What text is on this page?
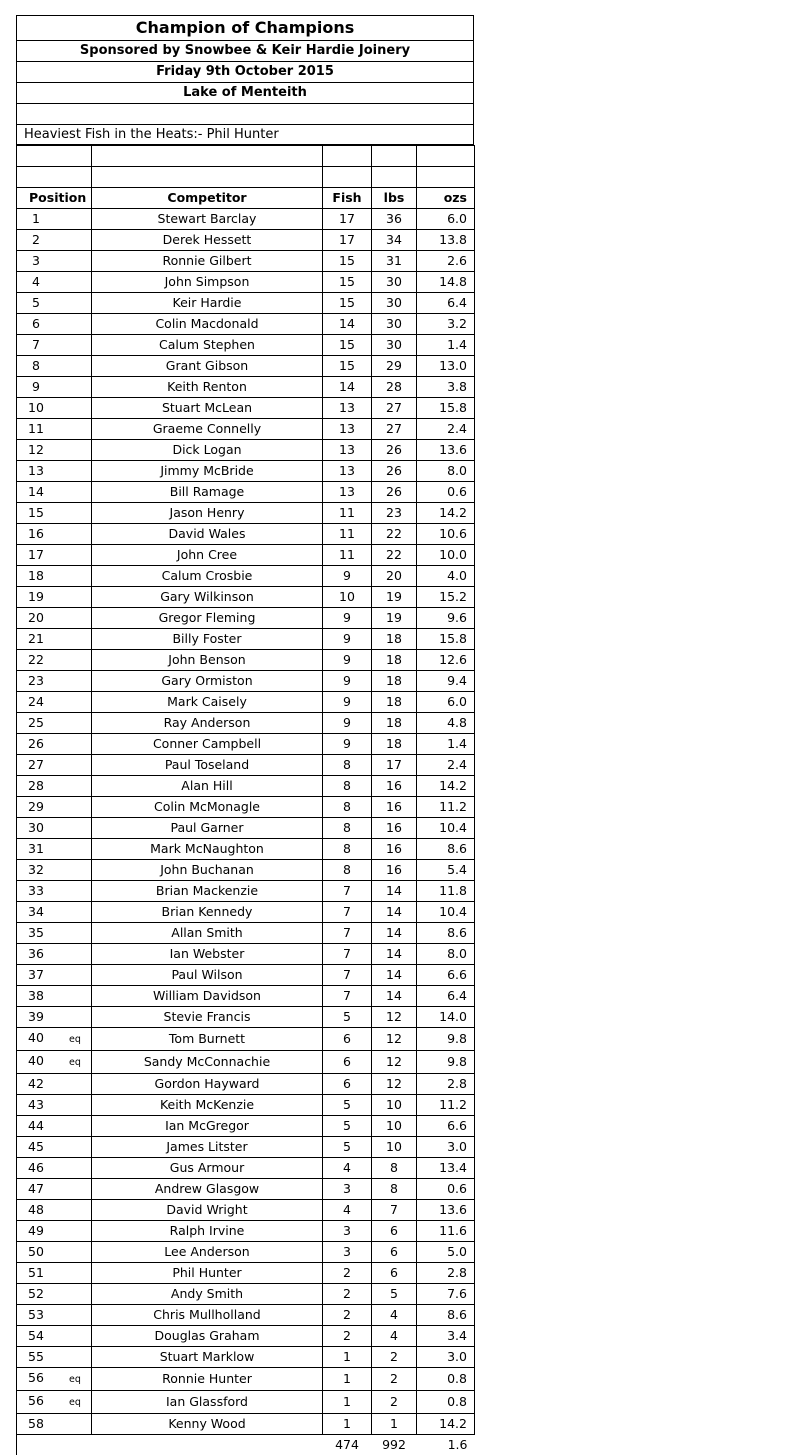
Champion of Champions
Sponsored by Snowbee & Keir Hardie Joinery
Friday 9th October 2015
Lake of Menteith
Heaviest Fish in the Heats:- Phil Hunter

Position	Competitor	Fish	lbs	ozs
1	Stewart Barclay	17	36	6.0
2	Derek Hessett	17	34	13.8
3	Ronnie Gilbert	15	31	2.6
4	John Simpson	15	30	14.8
5	Keir Hardie	15	30	6.4
6	Colin Macdonald	14	30	3.2
7	Calum Stephen	15	30	1.4
8	Grant Gibson	15	29	13.0
9	Keith Renton	14	28	3.8
10	Stuart McLean	13	27	15.8
11	Graeme Connelly	13	27	2.4
12	Dick Logan	13	26	13.6
13	Jimmy McBride	13	26	8.0
14	Bill Ramage	13	26	0.6
15	Jason Henry	11	23	14.2
16	David Wales	11	22	10.6
17	John Cree	11	22	10.0
18	Calum Crosbie	9	20	4.0
19	Gary Wilkinson	10	19	15.2
20	Gregor Fleming	9	19	9.6
21	Billy Foster	9	18	15.8
22	John Benson	9	18	12.6
23	Gary Ormiston	9	18	9.4
24	Mark Caisely	9	18	6.0
25	Ray Anderson	9	18	4.8
26	Conner Campbell	9	18	1.4
27	Paul Toseland	8	17	2.4
28	Alan Hill	8	16	14.2
29	Colin McMonagle	8	16	11.2
30	Paul Garner	8	16	10.4
31	Mark McNaughton	8	16	8.6
32	John Buchanan	8	16	5.4
33	Brian Mackenzie	7	14	11.8
34	Brian Kennedy	7	14	10.4
35	Allan Smith	7	14	8.6
36	Ian Webster	7	14	8.0
37	Paul Wilson	7	14	6.6
38	William Davidson	7	14	6.4
39	Stevie Francis	5	12	14.0
40 eq	Tom Burnett	6	12	9.8
40 eq	Sandy McConnachie	6	12	9.8
42	Gordon Hayward	6	12	2.8
43	Keith McKenzie	5	10	11.2
44	Ian McGregor	5	10	6.6
45	James Litster	5	10	3.0
46	Gus Armour	4	8	13.4
47	Andrew Glasgow	3	8	0.6
48	David Wright	4	7	13.6
49	Ralph Irvine	3	6	11.6
50	Lee Anderson	3	6	5.0
51	Phil Hunter	2	6	2.8
52	Andy Smith	2	5	7.6
53	Chris Mullholland	2	4	8.6
54	Douglas Graham	2	4	3.4
55	Stuart Marklow	1	2	3.0
56 eq	Ronnie Hunter	1	2	0.8
56 eq	Ian Glassford	1	2	0.8
58	Kenny Wood	1	1	14.2
		474	992	1.6
